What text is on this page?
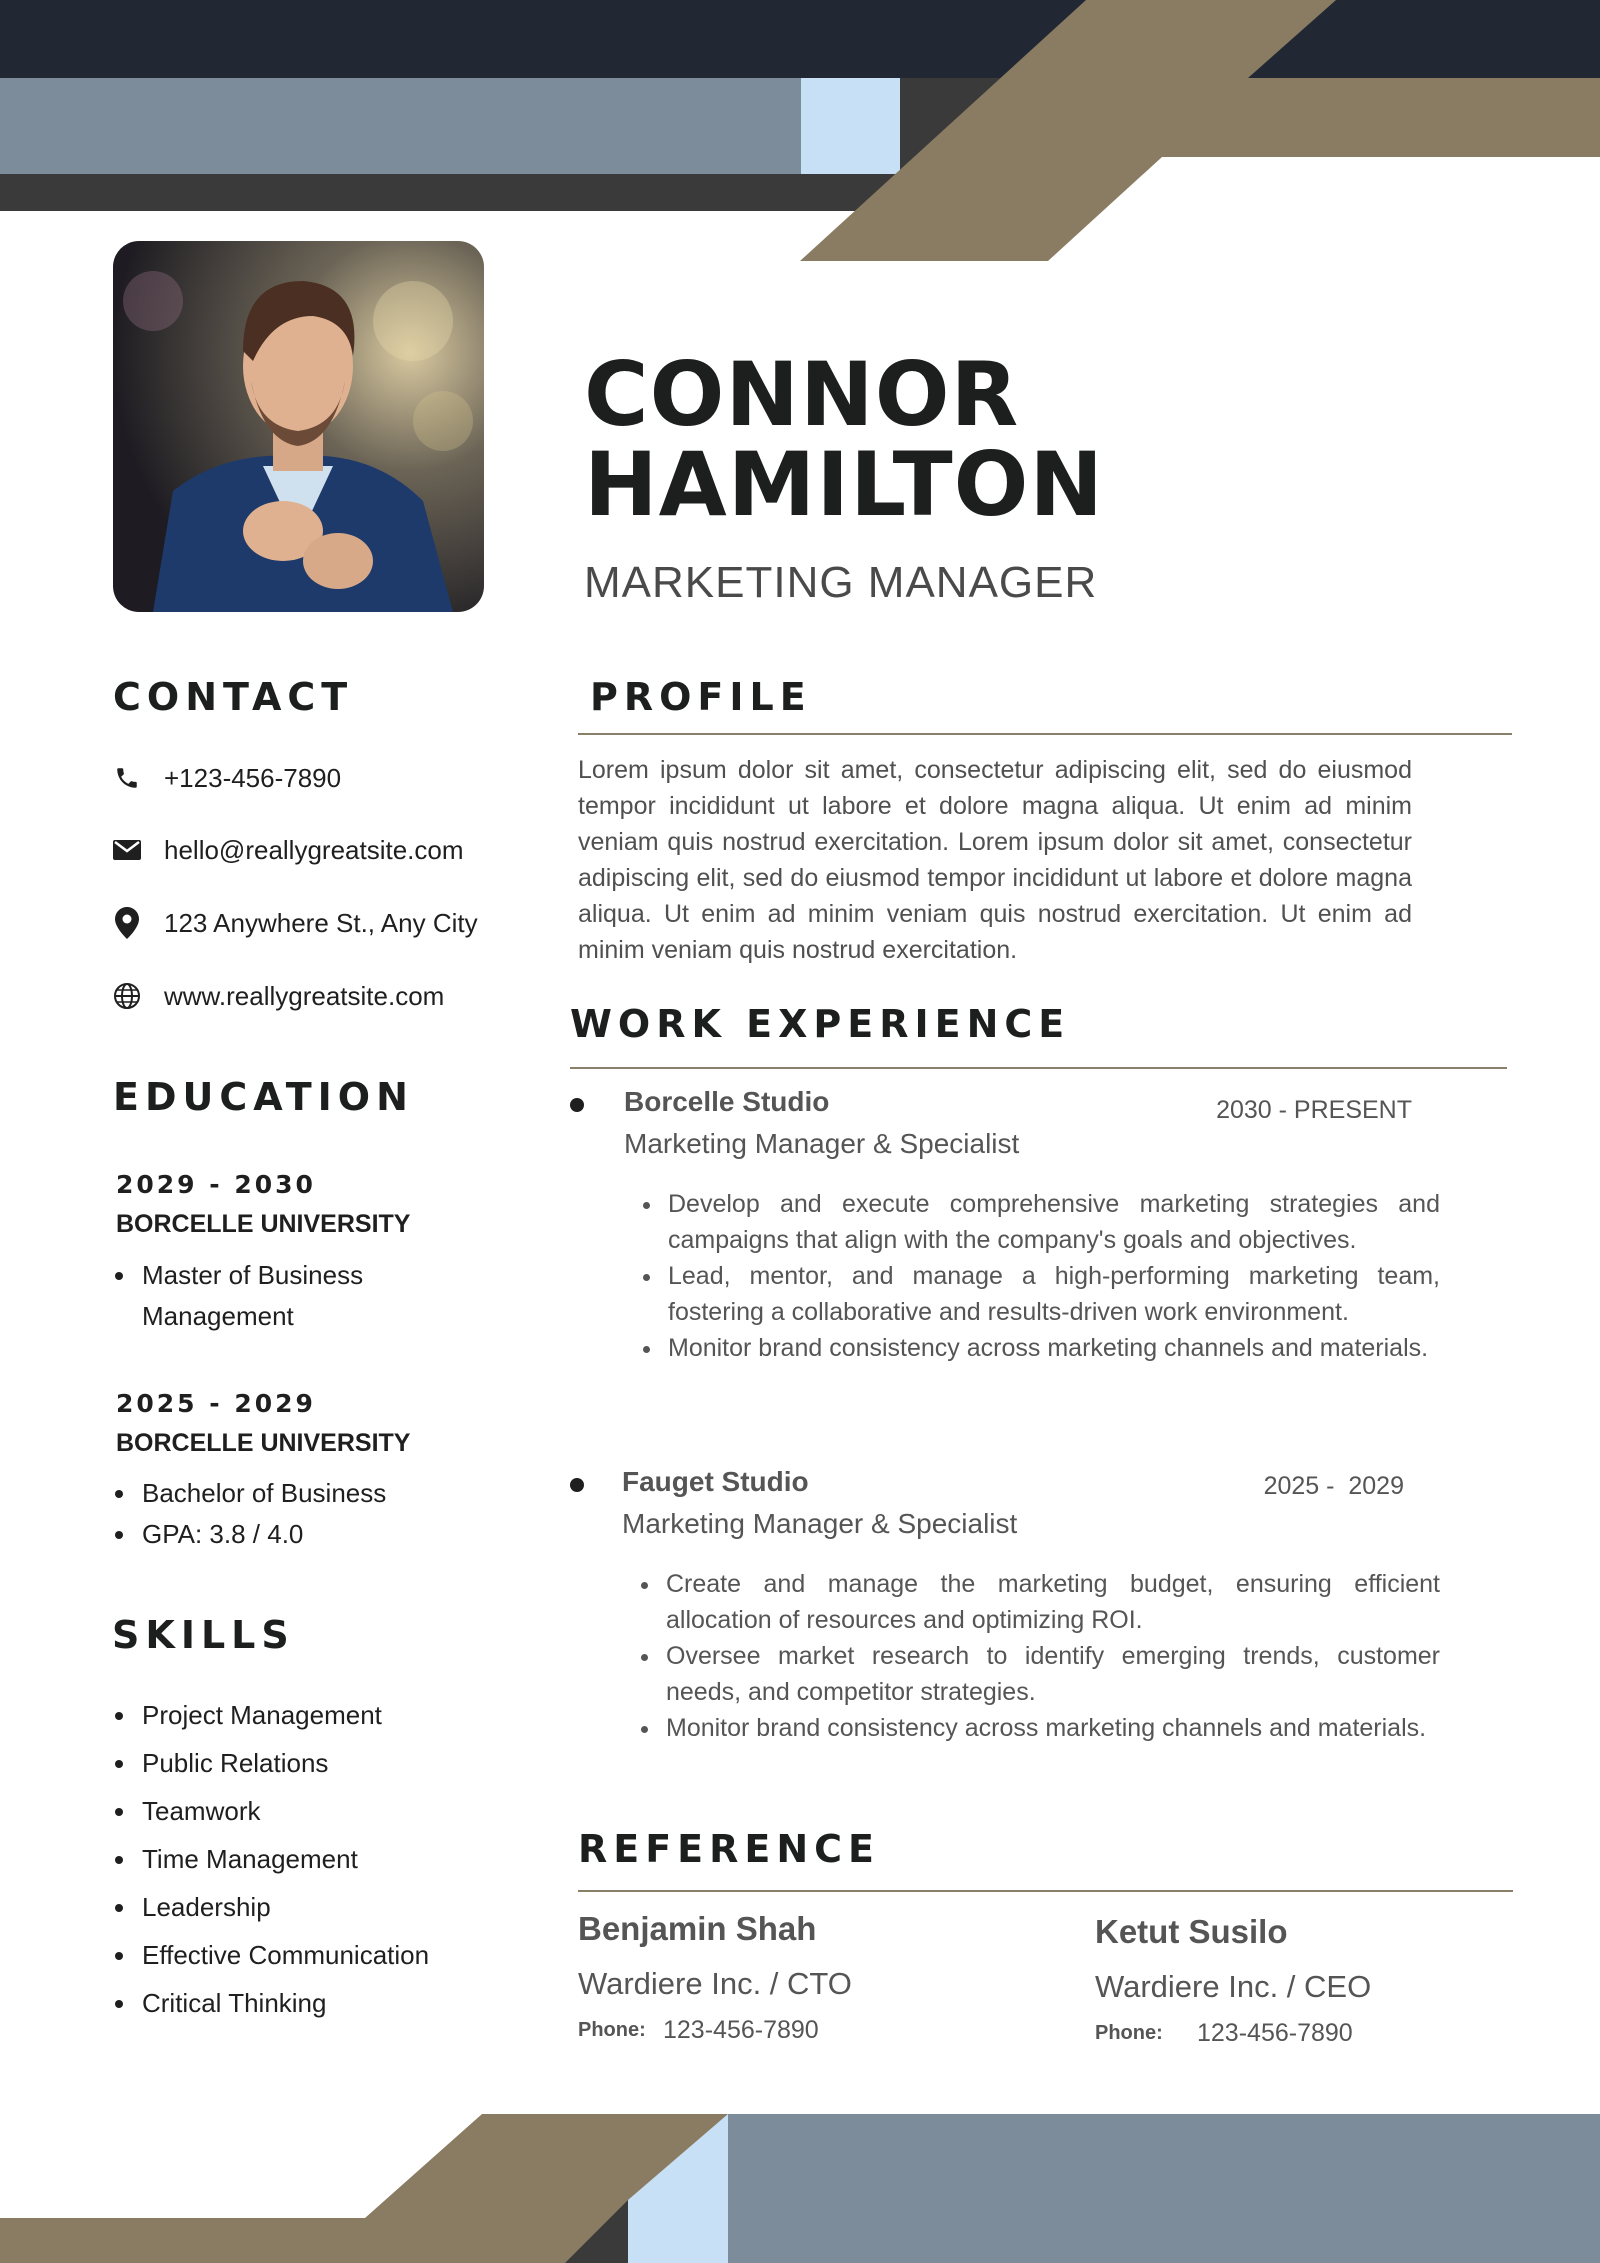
CONNOR
HAMILTON
MARKETING MANAGER
CONTACT
+123-456-7890
hello@reallygreatsite.com
123 Anywhere St., Any City
www.reallygreatsite.com
EDUCATION
2029 - 2030
BORCELLE UNIVERSITY
• Master of Business Management
2025 - 2029
BORCELLE UNIVERSITY
• Bachelor of Business
• GPA: 3.8 / 4.0
SKILLS
• Project Management
• Public Relations
• Teamwork
• Time Management
• Leadership
• Effective Communication
• Critical Thinking
PROFILE

Lorem ipsum dolor sit amet, consectetur adipiscing elit, sed do eiusmod tempor incididunt ut labore et dolore magna aliqua. Ut enim ad minim veniam quis nostrud exercitation. Lorem ipsum dolor sit amet, consectetur adipiscing elit, sed do eiusmod tempor incididunt ut labore et dolore magna aliqua. Ut enim ad minim veniam quis nostrud exercitation. Ut enim ad minim veniam quis nostrud exercitation.

WORK EXPERIENCE
Borcelle Studio	2030 - PRESENT
Marketing Manager & Specialist
• Develop and execute comprehensive marketing strategies and campaigns that align with the company's goals and objectives.
• Lead, mentor, and manage a high-performing marketing team, fostering a collaborative and results-driven work environment.
• Monitor brand consistency across marketing channels and materials.
Fauget Studio	2025 -  2029
Marketing Manager & Specialist
• Create and manage the marketing budget, ensuring efficient allocation of resources and optimizing ROI.
• Oversee market research to identify emerging trends, customer needs, and competitor strategies.
• Monitor brand consistency across marketing channels and materials.
REFERENCE
Benjamin Shah
Wardiere Inc. / CTO
Phone: 123-456-7890
Ketut Susilo
Wardiere Inc. / CEO
Phone: 123-456-7890
